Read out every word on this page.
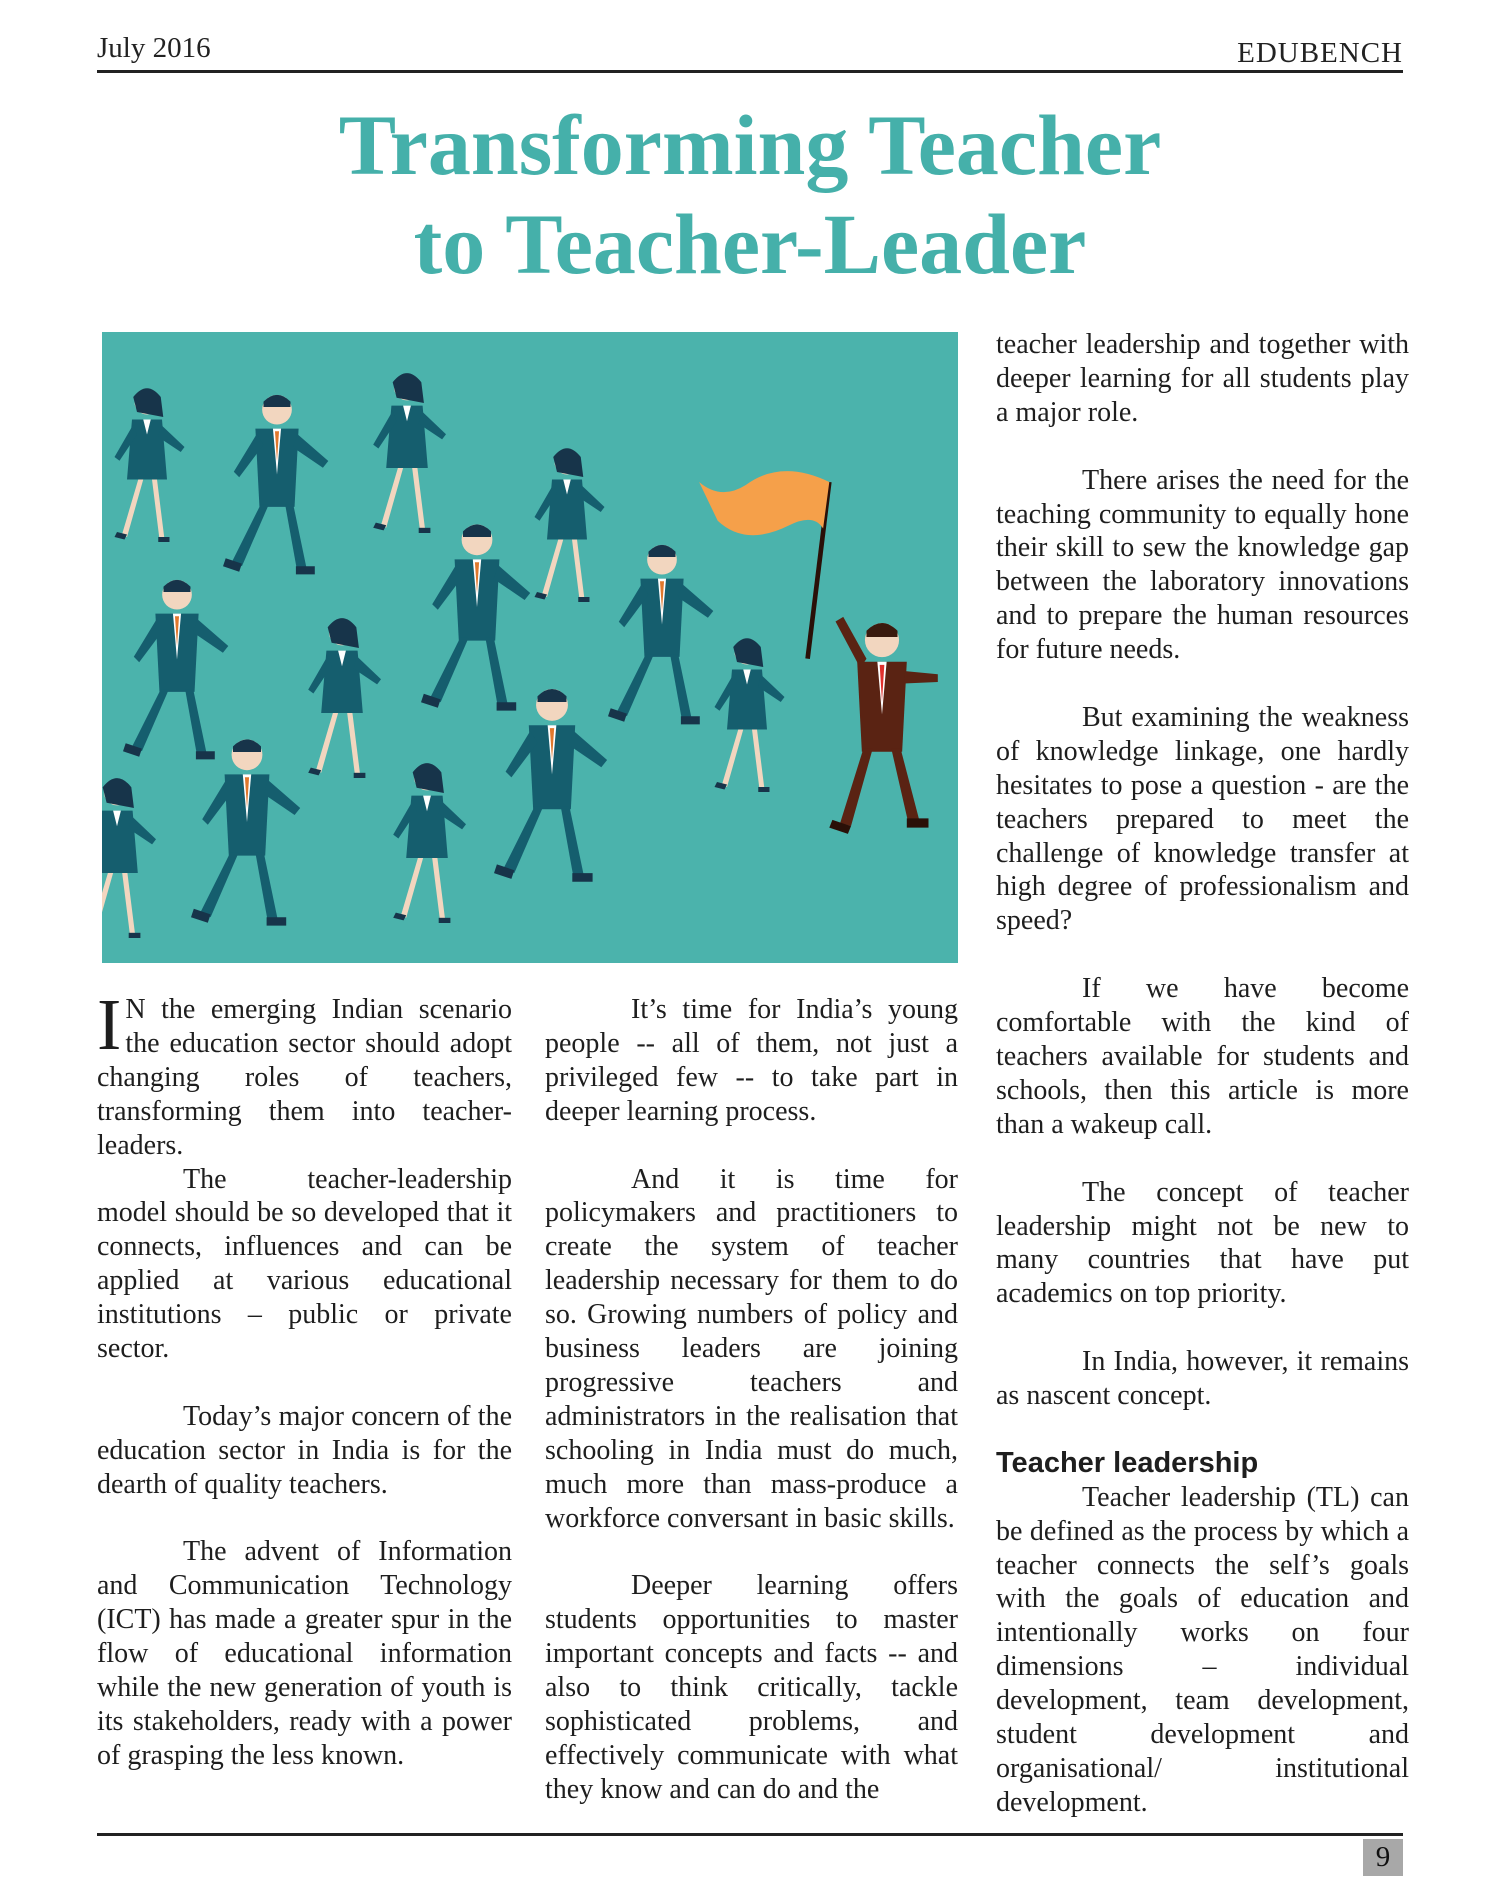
July 2016	EDUBENCH
Transforming Teacher
to Teacher-Leader

I N the emerging Indian scenario the education sector should adopt changing roles of teachers, transforming them into teacher-leaders.

The teacher-leadership model should be so developed that it connects, influences and can be applied at various educational institutions – public or private sector.

Today’s major concern of the education sector in India is for the dearth of quality teachers.

The advent of Information and Communication Technology (ICT) has made a greater spur in the flow of educational information while the new generation of youth is its stakeholders, ready with a power of grasping the less known.

It’s time for India’s young people -- all of them, not just a privileged few -- to take part in deeper learning process.

And it is time for policymakers and practitioners to create the system of teacher leadership necessary for them to do so. Growing numbers of policy and business leaders are joining progressive teachers and administrators in the realisation that schooling in India must do much, much more than mass-produce a workforce conversant in basic skills.

Deeper learning offers students opportunities to master important concepts and facts -- and also to think critically, tackle sophisticated problems, and effectively communicate with what they know and can do and the

teacher leadership and together with deeper learning for all students play a major role.

There arises the need for the teaching community to equally hone their skill to sew the knowledge gap between the laboratory innovations and to prepare the human resources for future needs.

But examining the weakness of knowledge linkage, one hardly hesitates to pose a question - are the teachers prepared to meet the challenge of knowledge transfer at high degree of professionalism and speed?

If we have become comfortable with the kind of teachers available for students and schools, then this article is more than a wakeup call.

The concept of teacher leadership might not be new to many countries that have put academics on top priority.

In India, however, it remains as nascent concept.

Teacher leadership

Teacher leadership (TL) can be defined as the process by which a teacher connects the self’s goals with the goals of education and intentionally works on four dimensions – individual development, team development, student development and organisational/ institutional development.

9
